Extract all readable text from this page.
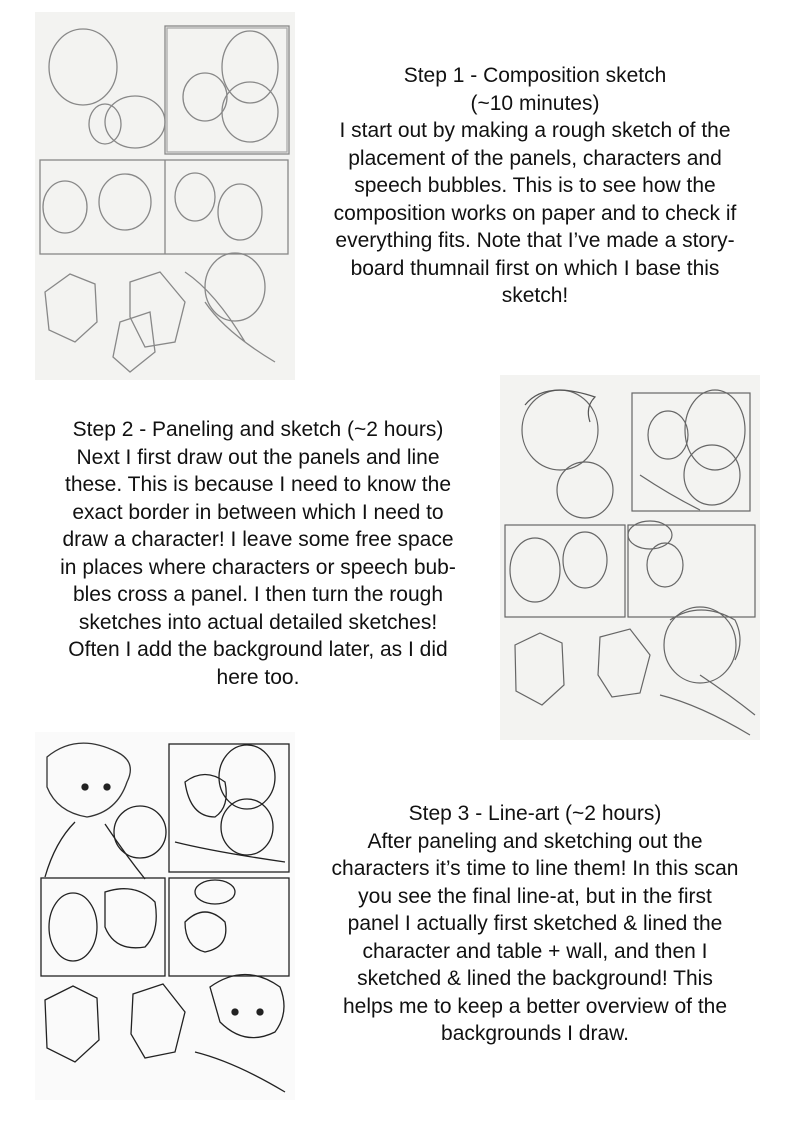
Step 1 - Composition sketch

(~10 minutes)

I start out by making a rough sketch of the

placement of the panels, characters and

speech bubbles. This is to see how the

composition works on paper and to check if

everything fits. Note that I’ve made a story-

board thumnail first on which I base this

sketch!

Step 2 - Paneling and sketch (~2 hours)

Next I first draw out the panels and line

these. This is because I need to know the

exact border in between which I need to

draw a character! I leave some free space

in places where characters or speech bub-

bles cross a panel. I then turn the rough

sketches into actual detailed sketches!

Often I add the background later, as I did

here too.

Step 3 - Line-art (~2 hours)

After paneling and sketching out the

characters it’s time to line them! In this scan

you see the final line-at, but in the first

panel I actually first sketched & lined the

character and table + wall, and then I

sketched & lined the background! This

helps me to keep a better overview of the

backgrounds I draw.
